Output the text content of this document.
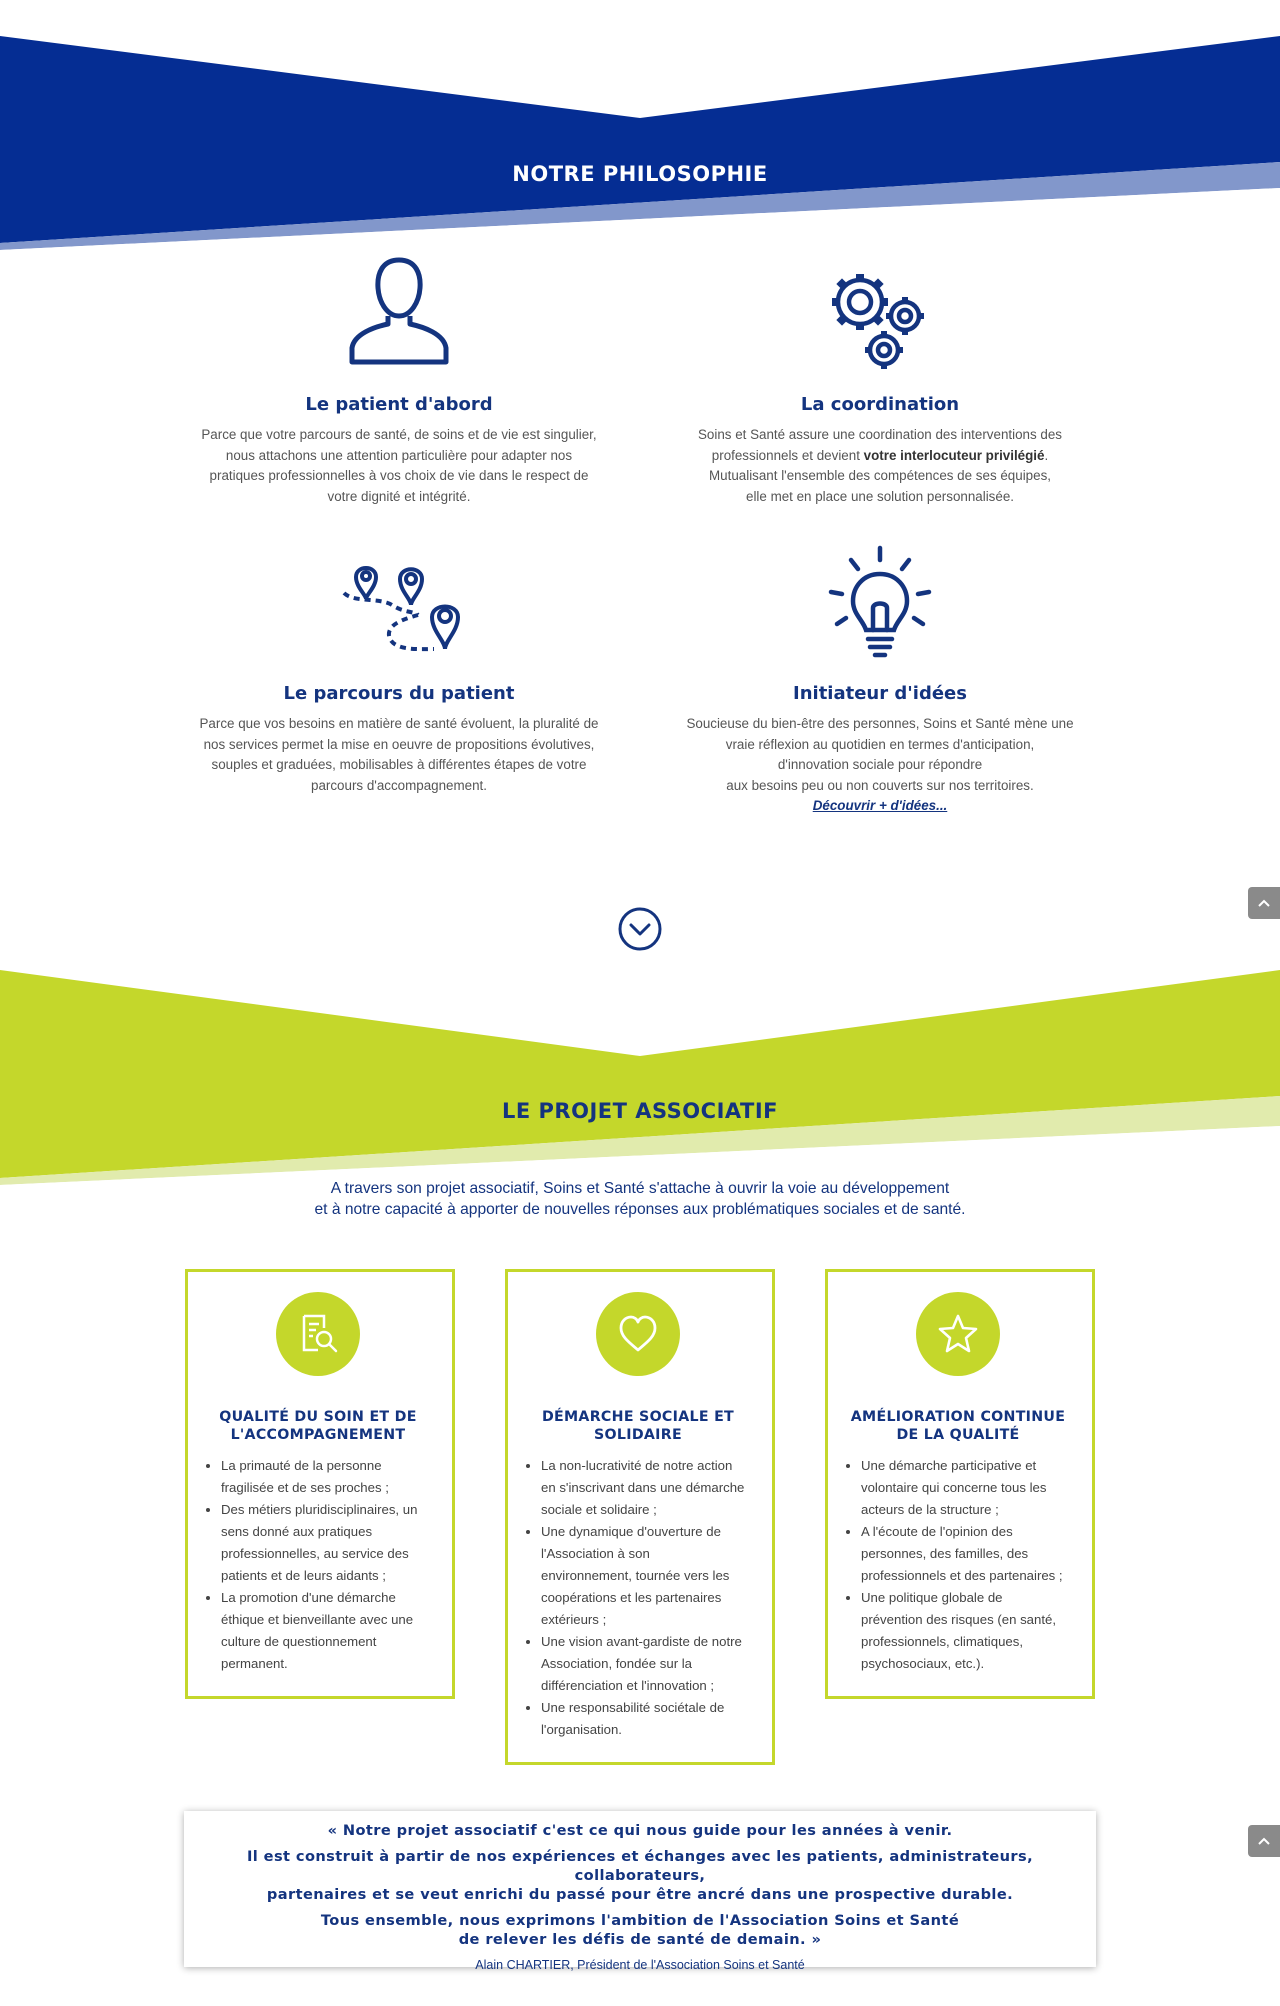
NOTRE PHILOSOPHIE
Le patient d'abord

Parce que votre parcours de santé, de soins et de vie est singulier,
nous attachons une attention particulière pour adapter nos
pratiques professionnelles à vos choix de vie dans le respect de
votre dignité et intégrité.

La coordination

Soins et Santé assure une coordination des interventions des
professionnels et devient votre interlocuteur privilégié.
Mutualisant l'ensemble des compétences de ses équipes,
elle met en place une solution personnalisée.

Le parcours du patient

Parce que vos besoins en matière de santé évoluent, la pluralité de
nos services permet la mise en oeuvre de propositions évolutives,
souples et graduées, mobilisables à différentes étapes de votre
parcours d'accompagnement.

Initiateur d'idées

Soucieuse du bien-être des personnes, Soins et Santé mène une
vraie réflexion au quotidien en termes d'anticipation,
d'innovation sociale pour répondre
aux besoins peu ou non couverts sur nos territoires.

Découvrir + d'idées...
LE PROJET ASSOCIATIF
A travers son projet associatif, Soins et Santé s'attache à ouvrir la voie au développement
et à notre capacité à apporter de nouvelles réponses aux problématiques sociales et de santé.
QUALITÉ DU SOIN ET DE
L'ACCOMPAGNEMENT
• La primauté de la personne
fragilisée et de ses proches ;
• Des métiers pluridisciplinaires, un
sens donné aux pratiques
professionnelles, au service des
patients et de leurs aidants ;
• La promotion d'une démarche
éthique et bienveillante avec une
culture de questionnement
permanent.
DÉMARCHE SOCIALE ET
SOLIDAIRE
• La non-lucrativité de notre action
en s'inscrivant dans une démarche
sociale et solidaire ;
• Une dynamique d'ouverture de
l'Association à son
environnement, tournée vers les
coopérations et les partenaires
extérieurs ;
• Une vision avant-gardiste de notre
Association, fondée sur la
différenciation et l'innovation ;
• Une responsabilité sociétale de
l'organisation.
AMÉLIORATION CONTINUE
DE LA QUALITÉ
• Une démarche participative et
volontaire qui concerne tous les
acteurs de la structure ;
• A l'écoute de l'opinion des
personnes, des familles, des
professionnels et des partenaires ;
• Une politique globale de
prévention des risques (en santé,
professionnels, climatiques,
psychosociaux, etc.).
« Notre projet associatif c'est ce qui nous guide pour les années à venir.
Il est construit à partir de nos expériences et échanges avec les patients, administrateurs, collaborateurs,
partenaires et se veut enrichi du passé pour être ancré dans une prospective durable.
Tous ensemble, nous exprimons l'ambition de l'Association Soins et Santé
de relever les défis de santé de demain. »
Alain CHARTIER, Président de l'Association Soins et Santé
